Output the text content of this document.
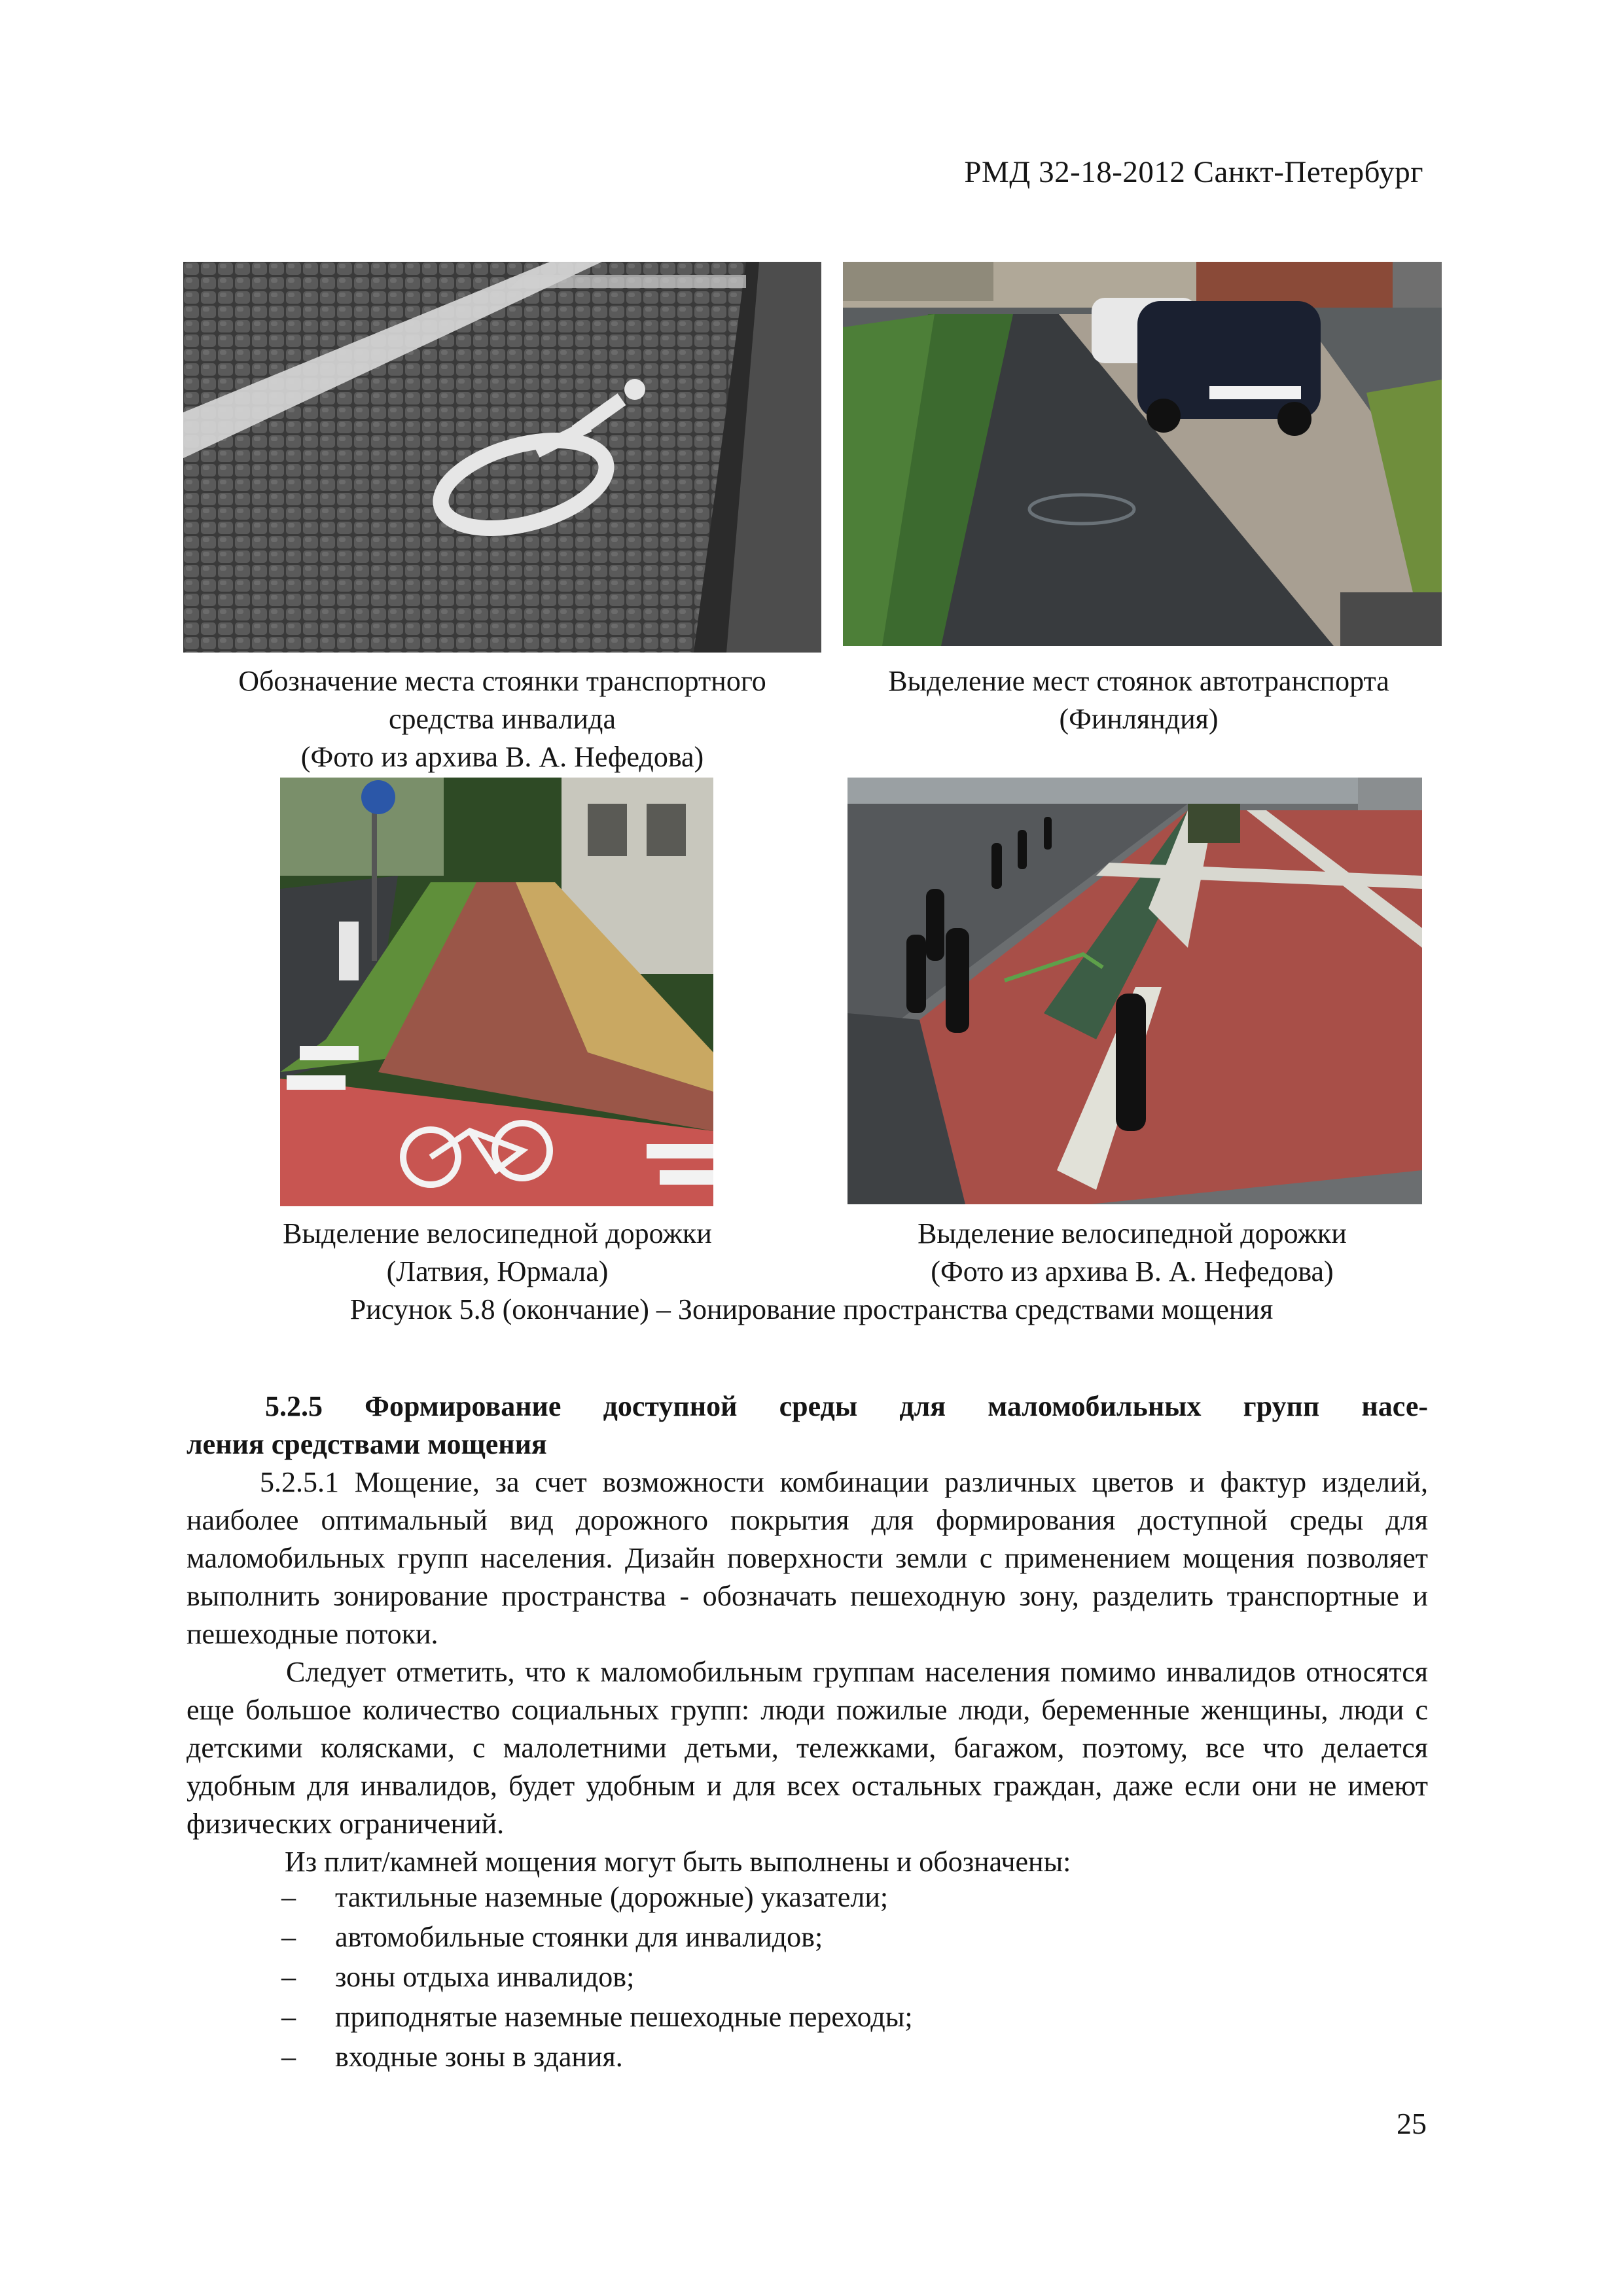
РМД 32-18-2012 Санкт-Петербург
Обозначение места стоянки транспортного
средства инвалида
(Фото из архива В. А. Нефедова)
Выделение мест стоянок автотранспорта
(Финляндия)
Выделение велосипедной дорожки
(Латвия, Юрмала)
Выделение велосипедной дорожки
(Фото из архива В. А. Нефедова)
Рисунок 5.8 (окончание) – Зонирование пространства средствами мощения
5.2.5 Формирование доступной среды для маломобильных групп насе-
ления средствами мощения
5.2.5.1 Мощение, за счет возможности комбинации различных цветов и фактур изделий, наиболее оптимальный вид дорожного покрытия для формирования доступной среды для маломобильных групп населения. Дизайн поверхности земли с применением мощения позволяет выполнить зонирование пространства - обозначать пешеходную зону, разделить транспортные и пешеходные потоки.
Следует отметить, что к маломобильным группам населения помимо инвалидов относятся еще большое количество социальных групп: люди пожилые люди, беременные женщины, люди с детскими колясками, с малолетними детьми, тележками, багажом, поэтому, все что делается удобным для инвалидов, будет удобным и для всех остальных граждан, даже если они не имеют физических ограничений.
Из плит/камней мощения могут быть выполнены и обозначены:
– тактильные наземные (дорожные) указатели;
– автомобильные стоянки для инвалидов;
– зоны отдыха инвалидов;
– приподнятые наземные пешеходные переходы;
– входные зоны в здания.
25
